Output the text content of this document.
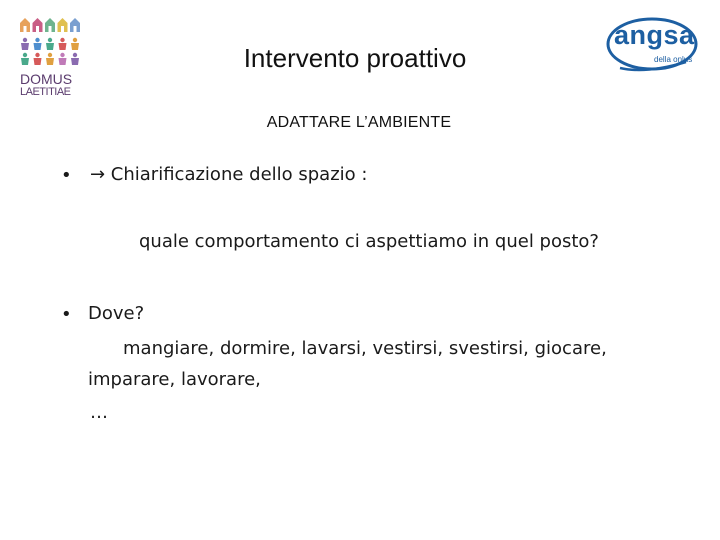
DOMUS
LAETITIAE
angsa
della onlus
Intervento proattivo
ADATTARE L’AMBIENTE
• → Chiarificazione dello spazio :
quale comportamento ci aspettiamo in quel posto?
• Dove?
mangiare, dormire, lavarsi, vestirsi, svestirsi, giocare,
imparare, lavorare,
…
